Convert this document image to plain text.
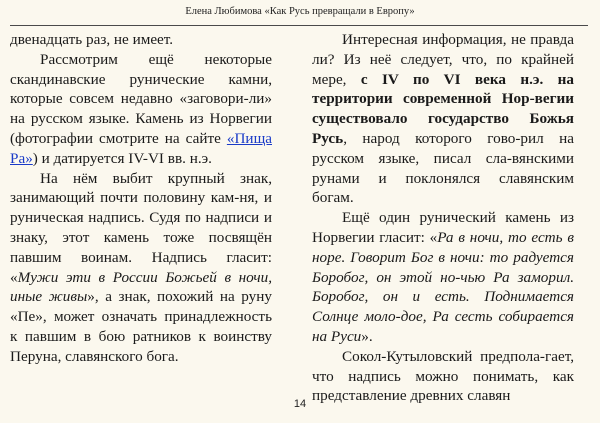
Елена Любимова «Как Русь превращали в Европу»

двенадцать раз, не имеет.

Рассмотрим ещё некоторые скандинавские рунические камни, которые совсем недавно «заговори-ли» на русском языке. Камень из Норвегии (фотографии смотрите на сайте «Пища Ра») и датируется IV-VI вв. н.э.

На нём выбит крупный знак, занимающий почти половину кам-ня, и руническая надпись. Судя по надписи и знаку, этот камень тоже посвящён павшим воинам. Надпись гласит: «Мужи эти в России Божьей в ночи, иные живы», а знак, похожий на руну «Пе», может означать принадлежность к павшим в бою ратников к воинству Перуна, славянского бога.

Интересная информация, не правда ли? Из неё следует, что, по крайней мере, с IV по VI века н.э. на территории современной Нор-вегии существовало государство Божья Русь, народ которого гово-рил на русском языке, писал сла-вянскими рунами и поклонялся славянским богам.

Ещё один рунический камень из Норвегии гласит: «Ра в ночи, то есть в норе. Говорит Бог в ночи: то радуется Боробог, он этой но-чью Ра заморил. Боробог, он и есть. Поднимается Солнце моло-дое, Ра сесть собирается на Руси».

Сокол-Кутыловский предпола-гает, что надпись можно понимать, как представление древних славян

14
